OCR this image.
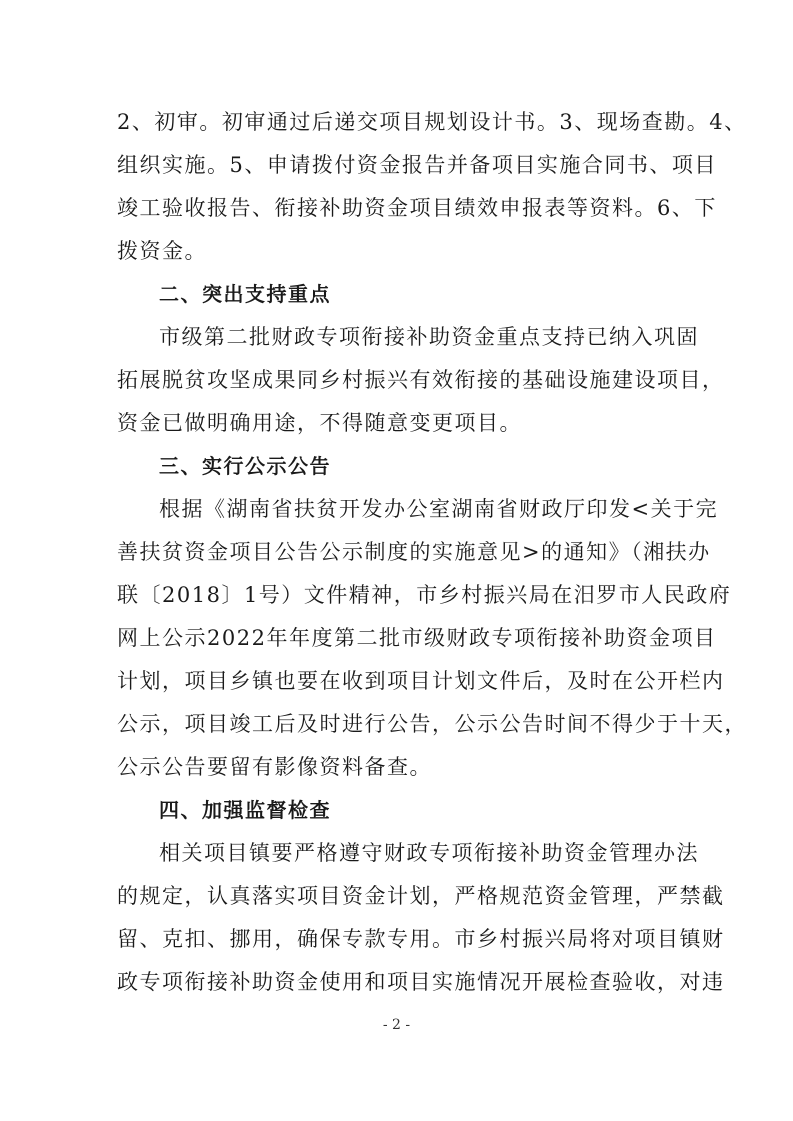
2、初审。初审通过后递交项目规划设计书。3、现场查勘。4、
组织实施。5、申请拨付资金报告并备项目实施合同书、项目
竣工验收报告、衔接补助资金项目绩效申报表等资料。6、下
拨资金。
二、突出支持重点
市级第二批财政专项衔接补助资金重点支持已纳入巩固
拓展脱贫攻坚成果同乡村振兴有效衔接的基础设施建设项目，
资金已做明确用途，不得随意变更项目。
三、实行公示公告
根据《湖南省扶贫开发办公室湖南省财政厅印发<关于完
善扶贫资金项目公告公示制度的实施意见>的通知》（湘扶办
联〔2018〕1号）文件精神，市乡村振兴局在汨罗市人民政府
网上公示2022年年度第二批市级财政专项衔接补助资金项目
计划，项目乡镇也要在收到项目计划文件后，及时在公开栏内
公示，项目竣工后及时进行公告，公示公告时间不得少于十天，
公示公告要留有影像资料备查。
四、加强监督检查
相关项目镇要严格遵守财政专项衔接补助资金管理办法
的规定，认真落实项目资金计划，严格规范资金管理，严禁截
留、克扣、挪用，确保专款专用。市乡村振兴局将对项目镇财
政专项衔接补助资金使用和项目实施情况开展检查验收，对违
- 2 -
